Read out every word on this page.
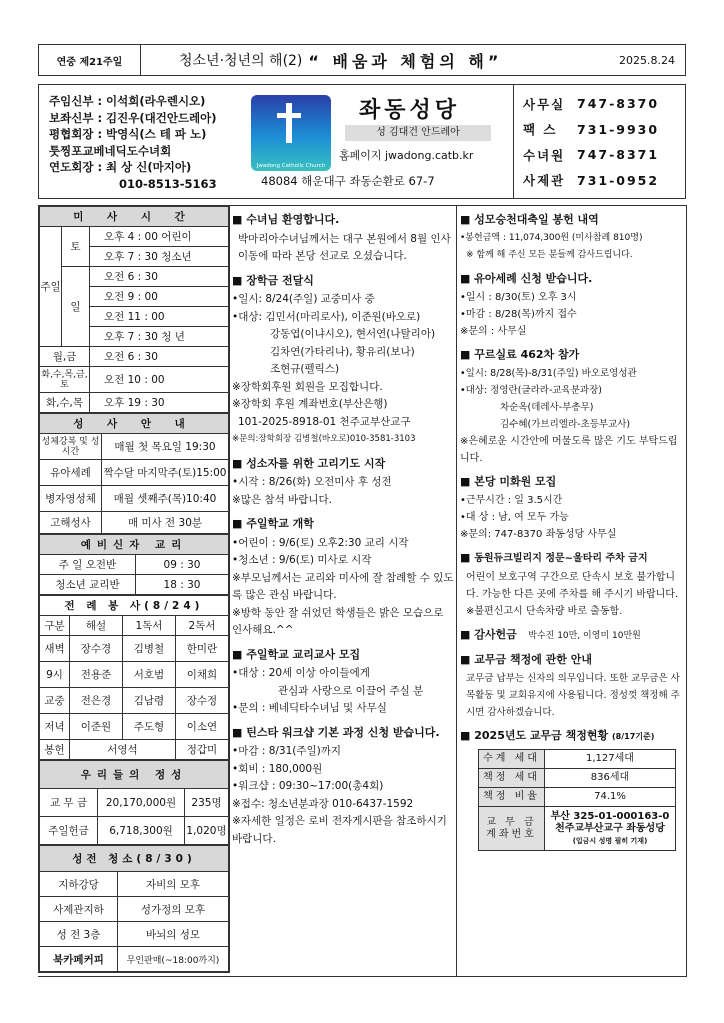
연중 제21주일	청소년·청년의 해(2) “ 배움과 체험의 해”	2025.8.24
주임신부 : 이석희(라우렌시오)
보좌신부 : 김진우(대건안드레아)
평협회장 : 박영식(스 테 파 노)
툿찡포교베네딕도수녀회
연도회장 : 최 상 신(마지아)
010-8513-5163
Jwadong Catholic Church
좌동성당
성 김대건 안드레아
홈페이지 jwadong.catb.kr
48084 해운대구 좌동순환로 67-7
사무실 747-8370
팩 스	731-9930
수녀원 747-8371
사제관 731-0952
미 사 시 간		
주일	토	오후 4 : 00 어린이
		오후 7 : 30 청소년
	일	오전 6 : 30
		오전 9 : 00
		오전 11 : 00
		오후 7 : 30 청 년
월,금		오전 6 : 30
화,수,목,금,토		오전 10 : 00
화,수,목		오후 19 : 30
성 사 안 내	
성체강복 및 성시간	매월 첫 목요일 19:30
유아세례	짝수달 마지막주(토)15:00
병자영성체	매월 셋째주(목)10:40
고해성사	매 미사 전 30분
예비신자 교리	
주 일 오전반	09 : 30
청소년 교리반	18 : 30
전 례 봉 사(8/24)			
구분	해설	1독서	2독서
새벽	장수경	김병철	한미란
9시	전용준	서호범	이채희
교중	전은경	김남령	장수정
저녁	이준원	주도형	이소연
봉헌	서영석		정갑미
우리들의 정성		
교 무 금	20,170,000원	235명
주일헌금	6,718,300원	1,020명
성전 청소(8/30)	
지하강당	자비의 모후
사제관지하	성가정의 모후
성 전 3층	바뇌의 성모
북카페커피	무인판매(~18:00까지)
■ 수녀님 환영합니다.
박마리아수녀님께서는 대구 본원에서 8월 인사이동에 따라 본당 선교로 오셨습니다.
■ 장학금 전달식
•일시: 8/24(주일) 교중미사 중
•대상: 김민서(마리로사), 이준원(바오로)
강동엽(이냐시오), 현서연(나탈리아)
김차연(가타리나), 황유리(보나)
조현규(펠릭스)
※장학회후원 회원을 모집합니다.
※장학회 후원 계좌번호(부산은행)
101-2025-8918-01 천주교부산교구
※문의:장학회장 김병철(바오로)010-3581-3103
■ 성소자를 위한 고리기도 시작
•시작 : 8/26(화) 오전미사 후 성전
※많은 참석 바랍니다.
■ 주일학교 개학
•어린이 : 9/6(토) 오후2:30 교리 시작
•청소년 : 9/6(토) 미사로 시작
※부모님께서는 교리와 미사에 잘 참례할 수 있도록 많은 관심 바랍니다.
※방학 동안 잘 쉬었던 학생들은 밝은 모습으로 인사해요.^^
■ 주일학교 교리교사 모집
•대상 : 20세 이상 아이들에게
관심과 사랑으로 이끌어 주실 분
•문의 : 베네딕타수녀님 및 사무실
■ 틴스타 워크샵 기본 과정 신청 받습니다.
•마감 : 8/31(주일)까지
•회비 : 180,000원
•워크샵 : 09:30~17:00(총4회)
※접수: 청소년분과장 010-6437-1592
※자세한 일정은 로비 전자게시판을 참조하시기 바랍니다.
■ 성모승천대축일 봉헌 내역
•봉헌금액 : 11,074,300원 (미사참례 810명)
※ 함께 해 주신 모든 분들께 감사드립니다.
■ 유아세례 신청 받습니다.
•일시 : 8/30(토) 오후 3시
•마감 : 8/28(목)까지 접수
※문의 : 사무실
■ 꾸르실료 462차 참가
•일시: 8/28(목)-8/31(주일) 바오로영성관
•대상: 정영란(글라라-교육분과장)
차순옥(데레사-부총무)
김수혜(가브리엘라-초등부교사)
※은혜로운 시간안에 머물도록 많은 기도 부탁드립니다.
■ 본당 미화원 모집
•근무시간 : 일 3.5시간
•대 상 : 남, 여 모두 가능
※문의: 747-8370 좌동성당 사무실
■ 동원듀크빌리지 정문~울타리 주차 금지
어린이 보호구역 구간으로 단속시 보호 불가합니다. 가능한 다른 곳에 주차를 해 주시기 바랍니다.
※불편신고시 단속차량 바로 출동함.
■ 감사헌금 박수진 10만, 이영미 10만원
■ 교무금 책정에 관한 안내
교무금 납부는 신자의 의무입니다. 또한 교무금은 사목활동 및 교회유지에 사용됩니다. 정성껏 책정해 주시면 감사하겠습니다.
■ 2025년도 교무금 책정현황 (8/17기준)
수계 세대	1,127세대
책정 세대	836세대
책정 비율	74.1%
교 무 금 계좌번호	부산 325-01-000163-0
천주교부산교구 좌동성당
(입금시 성명 필히 기재)
